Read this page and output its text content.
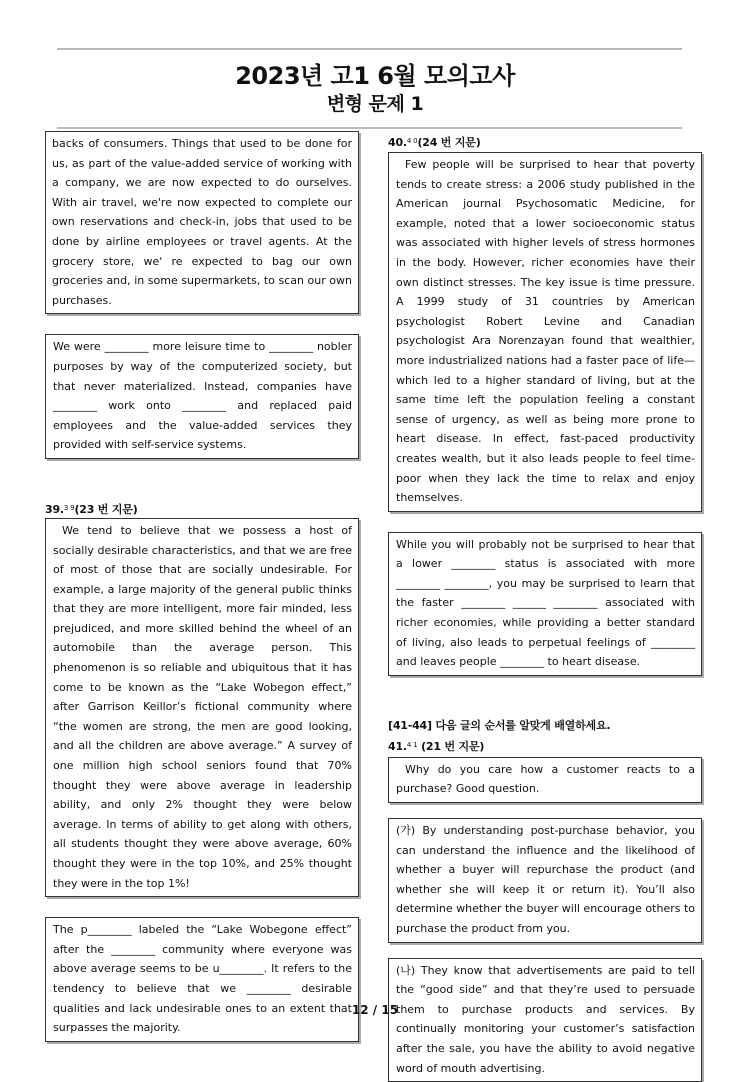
2023년 고1 6월 모의고사
변형 문제 1
backs of consumers. Things that used to be done for us, as part of the value-added service of working with a company, we are now expected to do ourselves. With air travel, we're now expected to complete our own reservations and check-in, jobs that used to be done by airline employees or travel agents. At the grocery store, we' re expected to bag our own groceries and, in some supermarkets, to scan our own purchases.
We were ________ more leisure time to ________ nobler purposes by way of the computerized society, but that never materialized. Instead, companies have ________ work onto ________ and replaced paid employees and the value-added services they provided with self-service systems.
39.$^{3 9}$(23 번 지문)
We tend to believe that we possess a host of socially desirable characteristics, and that we are free of most of those that are socially undesirable. For example, a large majority of the general public thinks that they are more intelligent, more fair minded, less prejudiced, and more skilled behind the wheel of an automobile than the average person. This phenomenon is so reliable and ubiquitous that it has come to be known as the “Lake Wobegon effect,” after Garrison Keillor’s fictional community where “the women are strong, the men are good looking, and all the children are above average.” A survey of one million high school seniors found that 70% thought they were above average in leadership ability, and only 2% thought they were below average. In terms of ability to get along with others, all students thought they were above average, 60% thought they were in the top 10%, and 25% thought they were in the top 1%!
The p________ labeled the “Lake Wobegone effect” after the ________ community where everyone was above average seems to be u________. It refers to the tendency to believe that we ________ desirable qualities and lack undesirable ones to an extent that surpasses the majority.
40.$^{4 0}$(24 번 지문)
Few people will be surprised to hear that poverty tends to create stress: a 2006 study published in the American journal Psychosomatic Medicine, for example, noted that a lower socioeconomic status was associated with higher levels of stress hormones in the body. However, richer economies have their own distinct stresses. The key issue is time pressure. A 1999 study of 31 countries by American psychologist Robert Levine and Canadian psychologist Ara Norenzayan found that wealthier, more industrialized nations had a faster pace of life—which led to a higher standard of living, but at the same time left the population feeling a constant sense of urgency, as well as being more prone to heart disease. In effect, fast-paced productivity creates wealth, but it also leads people to feel time-poor when they lack the time to relax and enjoy themselves.
While you will probably not be surprised to hear that a lower ________ status is associated with more ________ ________, you may be surprised to learn that the faster ________ ______ ________ associated with richer economies, while providing a better standard of living, also leads to perpetual feelings of ________ and leaves people ________ to heart disease.
[41-44] 다음 글의 순서를 알맞게 배열하세요.
41.$^{4 1}$ (21 번 지문)
Why do you care how a customer reacts to a purchase? Good question.
(가) By understanding post-purchase behavior, you can understand the influence and the likelihood of whether a buyer will repurchase the product (and whether she will keep it or return it). You’ll also determine whether the buyer will encourage others to purchase the product from you.
(나) They know that advertisements are paid to tell the “good side” and that they’re used to persuade them to purchase products and services. By continually monitoring your customer’s satisfaction after the sale, you have the ability to avoid negative word of mouth advertising.
12 / 15
